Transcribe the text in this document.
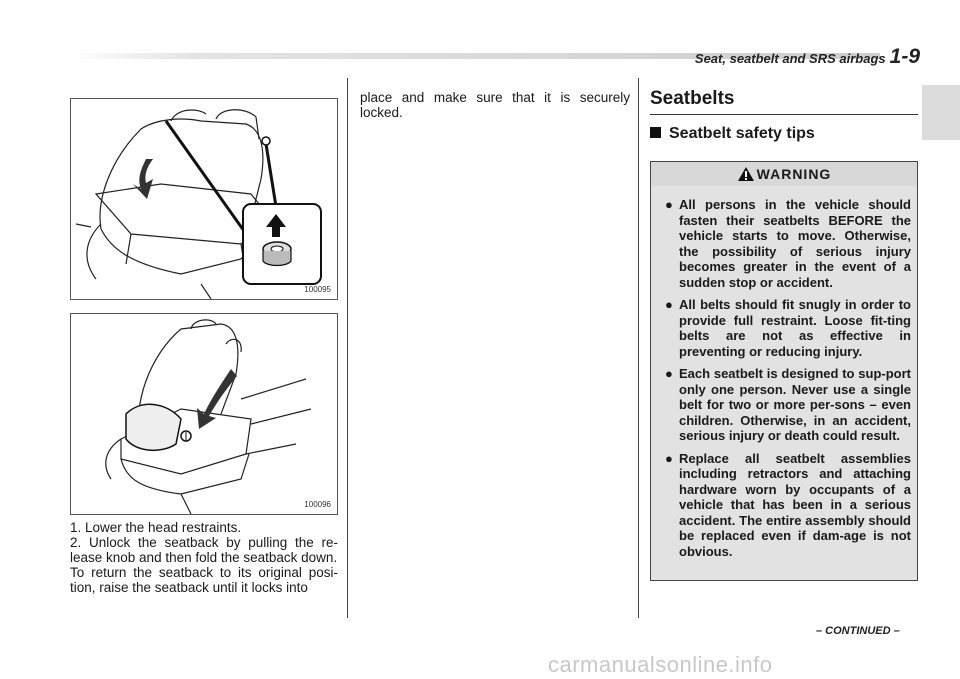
Seat, seatbelt and SRS airbags 1-9
100095
100096

1. Lower the head restraints.

2. Unlock the seatback by pulling the re-lease knob and then fold the seatback down.

To return the seatback to its original posi-tion, raise the seatback until it locks into

place and make sure that it is securely locked.

Seatbelts
Seatbelt safety tips
WARNING
● All persons in the vehicle should fasten their seatbelts BEFORE the vehicle starts to move. Otherwise, the possibility of serious injury becomes greater in the event of a sudden stop or accident.
● All belts should fit snugly in order to provide full restraint. Loose fit-ting belts are not as effective in preventing or reducing injury.
● Each seatbelt is designed to sup-port only one person. Never use a single belt for two or more per-sons – even children. Otherwise, in an accident, serious injury or death could result.
● Replace all seatbelt assemblies including retractors and attaching hardware worn by occupants of a vehicle that has been in a serious accident. The entire assembly should be replaced even if dam-age is not obvious.
– CONTINUED –
carmanualsonline.info
